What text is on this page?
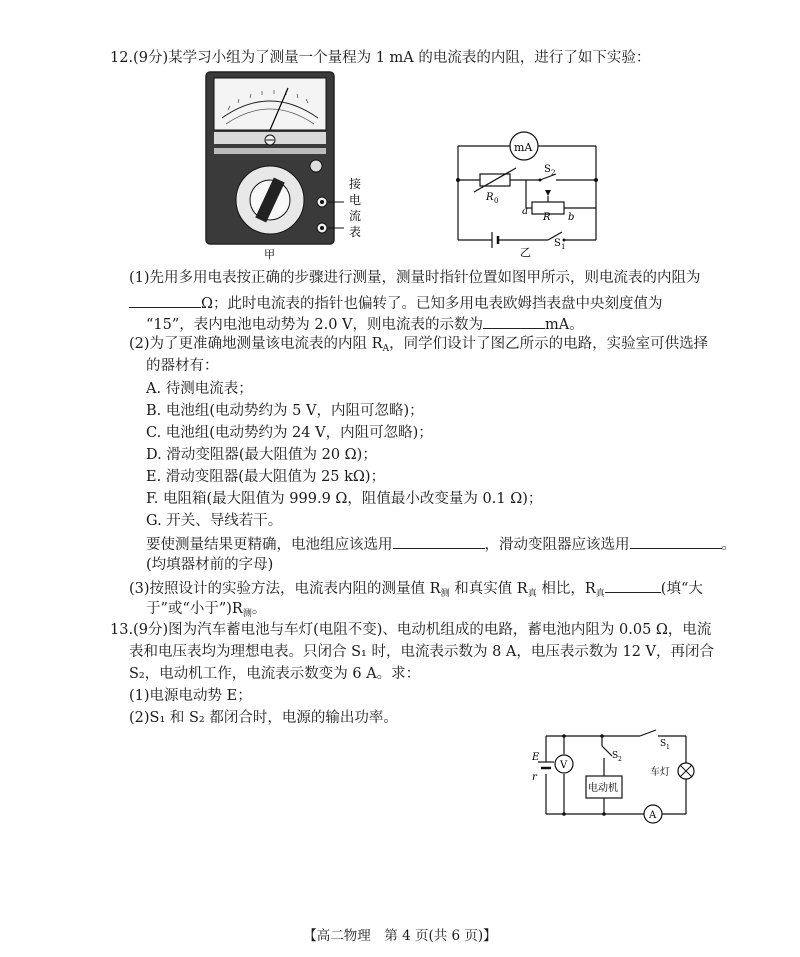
12.(9分)某学习小组为了测量一个量程为 1 mA 的电流表的内阻，进行了如下实验：
接
电
流
表
甲
mA
R 0
S 2
a
b
R
S 1
乙
(1)先用多用电表按正确的步骤进行测量，测量时指针位置如图甲所示，则电流表的内阻为
Ω；此时电流表的指针也偏转了。已知多用电表欧姆挡表盘中央刻度值为
“15”，表内电池电动势为 2.0 V，则电流表的示数为	mA。
(2)为了更准确地测量该电流表的内阻 $R_A$，同学们设计了图乙所示的电路，实验室可供选择
的器材有：
A. 待测电流表；
B. 电池组(电动势约为 5 V，内阻可忽略)；
C. 电池组(电动势约为 24 V，内阻可忽略)；
D. 滑动变阻器(最大阻值为 20 Ω)；
E. 滑动变阻器(最大阻值为 25 kΩ)；
F. 电阻箱(最大阻值为 999.9 Ω，阻值最小改变量为 0.1 Ω)；
G. 开关、导线若干。
要使测量结果更精确，电池组应该选用	，滑动变阻器应该选用	。
(均填器材前的字母)
(3)按照设计的实验方法，电流表内阻的测量值 $R_测$ 和真实值 $R_真$ 相比，$R_真$	(填“大
于”或“小于$”)R_测$。
13.(9分)图为汽车蓄电池与车灯(电阻不变)、电动机组成的电路，蓄电池内阻为 0.05 Ω，电流
表和电压表均为理想电表。只闭合 S₁ 时，电流表示数为 8 A，电压表示数为 12 V，再闭合
S₂，电动机工作，电流表示数变为 6 A。求：
(1)电源电动势 E；
(2)S₁ 和 S₂ 都闭合时，电源的输出功率。
V
A
E
r
S 2
S 1
电动机
车灯
【高二物理　第 4 页(共 6 页)】
